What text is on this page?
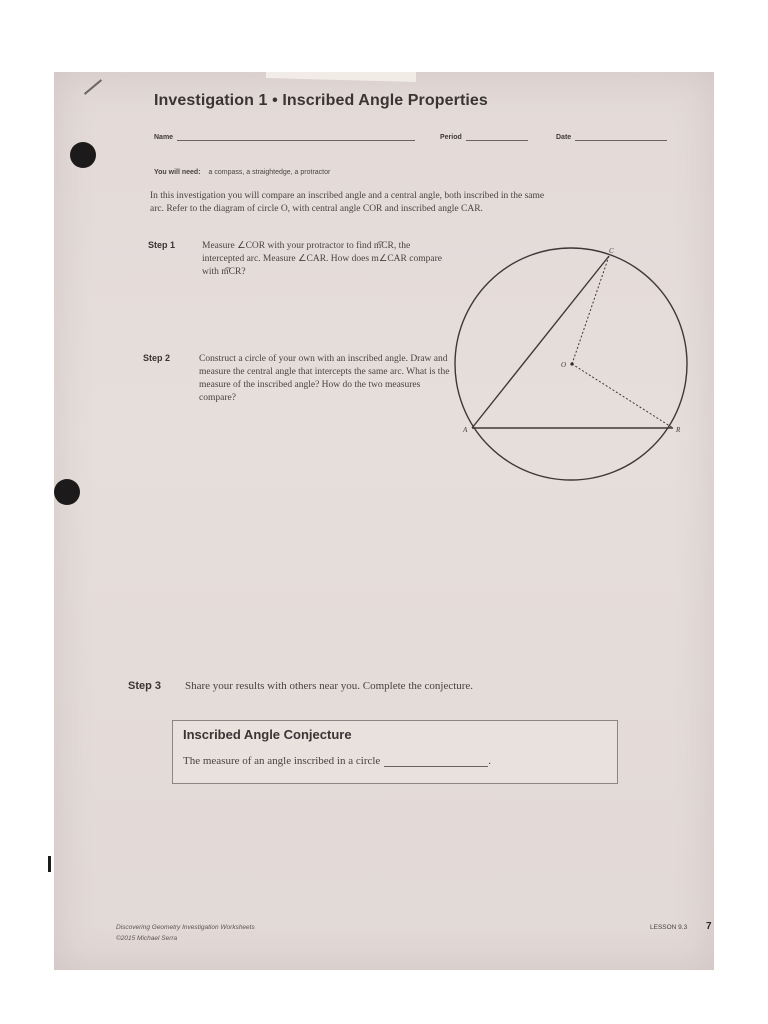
Investigation 1 • Inscribed Angle Properties
Name	Period	Date
You will need: a compass, a straightedge, a protractor
In this investigation you will compare an inscribed angle and a central angle, both inscribed in the same arc. Refer to the diagram of circle O, with central angle COR and inscribed angle CAR.
Step 1	Measure ∠COR with your protractor to find m͡CR, the intercepted arc. Measure ∠CAR. How does m∠CAR compare with m͡CR?
Step 2	Construct a circle of your own with an inscribed angle. Draw and measure the central angle that intercepts the same arc. What is the measure of the inscribed angle? How do the two measures compare?
C
O
A	R
Step 3 Share your results with others near you. Complete the conjecture.
Inscribed Angle Conjecture
The measure of an angle inscribed in a circle	.
Discovering Geometry Investigation Worksheets
©2015 Michael Serra
LESSON 9.3 7
